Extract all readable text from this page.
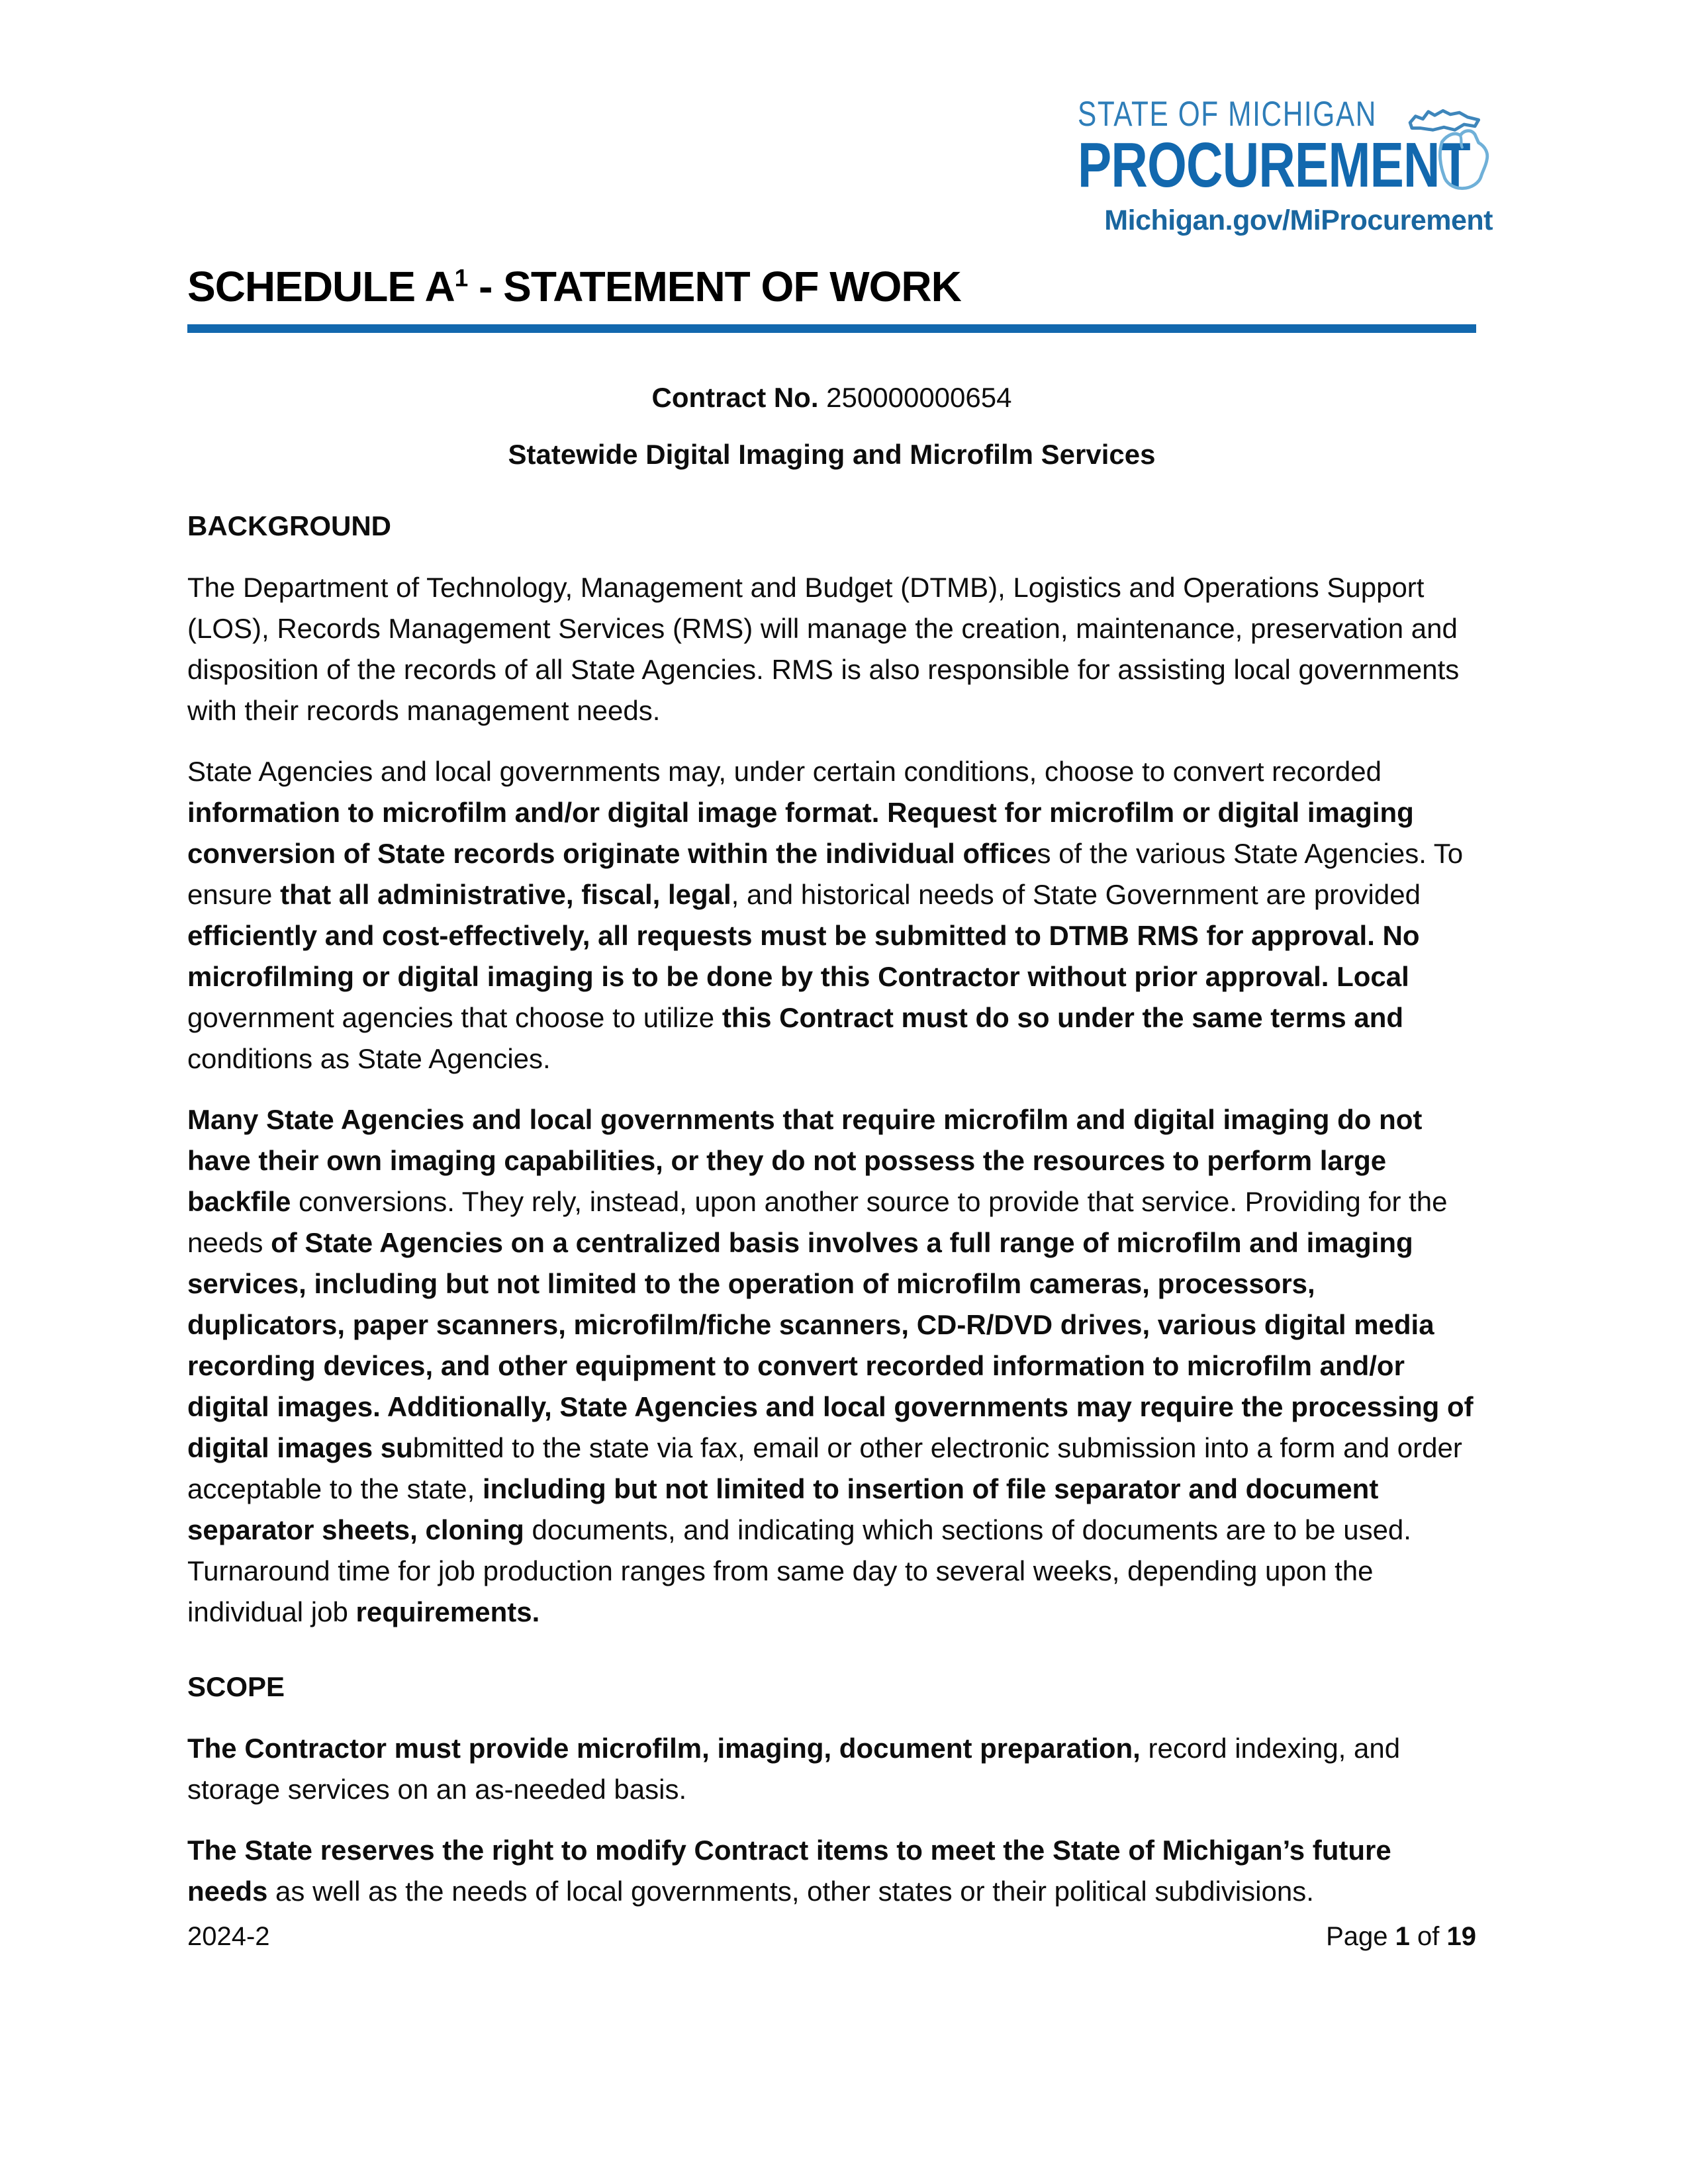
STATE OF MICHIGAN
PROCUREMENT
Michigan.gov/MiProcurement
SCHEDULE $A^1$ - STATEMENT OF WORK
Contract No. 250000000654
Statewide Digital Imaging and Microfilm Services
BACKGROUND

The Department of Technology, Management and Budget (DTMB), Logistics and Operations Support (LOS), Records Management Services (RMS) will manage the creation, maintenance, preservation and disposition of the records of all State Agencies. RMS is also responsible for assisting local governments with their records management needs.

State Agencies and local governments may, under certain conditions, choose to convert recorded information to microfilm and/or digital image format. Request for microfilm or digital imaging conversion of State records originate within the individual offices of the various State Agencies. To ensure that all administrative, fiscal, legal, and historical needs of State Government are provided efficiently and cost-effectively, all requests must be submitted to DTMB RMS for approval. No microfilming or digital imaging is to be done by this Contractor without prior approval. Local government agencies that choose to utilize this Contract must do so under the same terms and conditions as State Agencies.

Many State Agencies and local governments that require microfilm and digital imaging do not have their own imaging capabilities, or they do not possess the resources to perform large backfile conversions. They rely, instead, upon another source to provide that service. Providing for the needs of State Agencies on a centralized basis involves a full range of microfilm and imaging services, including but not limited to the operation of microfilm cameras, processors, duplicators, paper scanners, microfilm/fiche scanners, CD-R/DVD drives, various digital media recording devices, and other equipment to convert recorded information to microfilm and/or digital images. Additionally, State Agencies and local governments may require the processing of digital images submitted to the state via fax, email or other electronic submission into a form and order acceptable to the state, including but not limited to insertion of file separator and document separator sheets, cloning documents, and indicating which sections of documents are to be used. Turnaround time for job production ranges from same day to several weeks, depending upon the individual job requirements.

SCOPE

The Contractor must provide microfilm, imaging, document preparation, record indexing, and storage services on an as-needed basis.

The State reserves the right to modify Contract items to meet the State of Michigan’s future needs as well as the needs of local governments, other states or their political subdivisions.

2024-2	Page 1 of 19
